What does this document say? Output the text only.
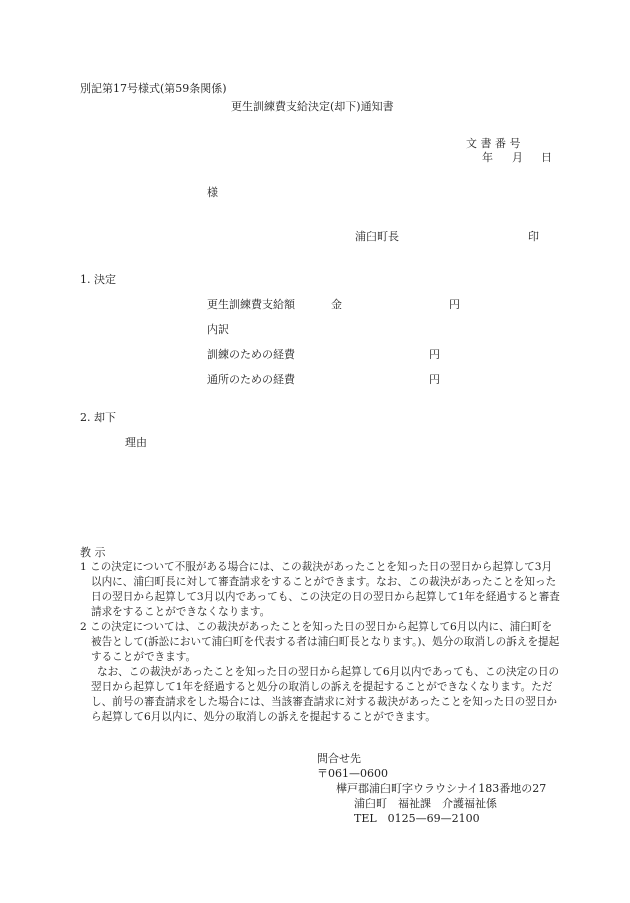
別記第17号様式(第59条関係)
更生訓練費支給決定(却下)通知書
文 書 番 号
年 月 日
様
浦臼町長	印
1. 決定
更生訓練費支給額	金	円
内訳
訓練のための経費	円
通所のための経費	円
2. 却下
理由
教 示

1 この決定について不服がある場合には、この裁決があったことを知った日の翌日から起算して3月以内に、浦臼町長に対して審査請求をすることができます。なお、この裁決があったことを知った日の翌日から起算して3月以内であっても、この決定の日の翌日から起算して1年を経過すると審査請求をすることができなくなります。

2 この決定については、この裁決があったことを知った日の翌日から起算して6月以内に、浦臼町を被告として(訴訟において浦臼町を代表する者は浦臼町長となります。)、処分の取消しの訴えを提起することができます。

なお、この裁決があったことを知った日の翌日から起算して6月以内であっても、この決定の日の翌日から起算して1年を経過すると処分の取消しの訴えを提起することができなくなります。ただし、前号の審査請求をした場合には、当該審査請求に対する裁決があったことを知った日の翌日から起算して6月以内に、処分の取消しの訴えを提起することができます。

問合せ先
〒061—0600
樺戸郡浦臼町字ウラウシナイ183番地の27
浦臼町　福祉課　介護福祉係
TEL　0125—69—2100
